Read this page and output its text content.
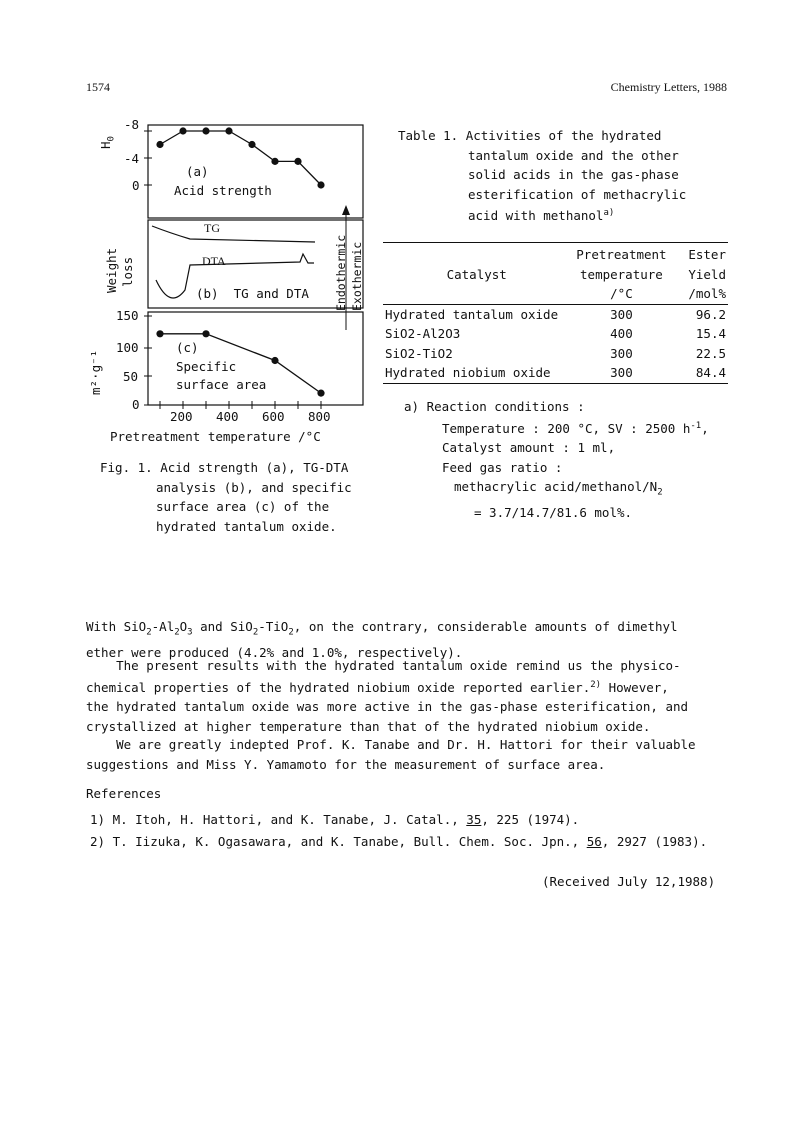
1574	Chemistry Letters, 1988
-8
-4
0
$H_0$
(a)
Acid strength
TG
DTA
(b)  TG and DTA
Weight loss	Endothermic Exothermic
150
100
50
0
m²·g⁻¹
(c)
Specific
surface area
200 400 600 800
Pretreatment temperature /°C
Fig. 1. Acid strength (a), TG-DTA
analysis (b), and specific
surface area (c) of the
hydrated tantalum oxide.
Table 1. Activities of the hydrated
tantalum oxide and the other
solid acids in the gas-phase
esterification of methacrylic
acid with methanol$^{a)}$
	Pretreatment	Ester
Catalyst	temperature	Yield
	/°C	/mol%
Hydrated tantalum oxide	300	96.2
SiO2-Al2O3	400	15.4
SiO2-TiO2	300	22.5
Hydrated niobium oxide	300	84.4
a) Reaction conditions :
Temperature : 200 °C, SV : 2500 $h^{-1}$,
Catalyst amount : 1 ml,
Feed gas ratio :
methacrylic acid/$methanol/N_2$
= 3.7/14.7/81.6 mol%.
With $SiO_2-Al_2O_3$ and SiO$_2$-TiO$_2$, on the contrary, considerable amounts of dimethyl
ether were produced (4.2% and 1.0%, respectively).
The present results with the hydrated tantalum oxide remind us the physico-
chemical properties of the hydrated niobium oxide reported earlier.$^{2)}$ However,
the hydrated tantalum oxide was more active in the gas-phase esterification, and
crystallized at higher temperature than that of the hydrated niobium oxide.
We are greatly indepted Prof. K. Tanabe and Dr. H. Hattori for their valuable
suggestions and Miss Y. Yamamoto for the measurement of surface area.
References
1) M. Itoh, H. Hattori, and K. Tanabe, J. Catal., 35, 225 (1974).
2) T. Iizuka, K. Ogasawara, and K. Tanabe, Bull. Chem. Soc. Jpn., 56, 2927 (1983).
(Received July 12,1988)
